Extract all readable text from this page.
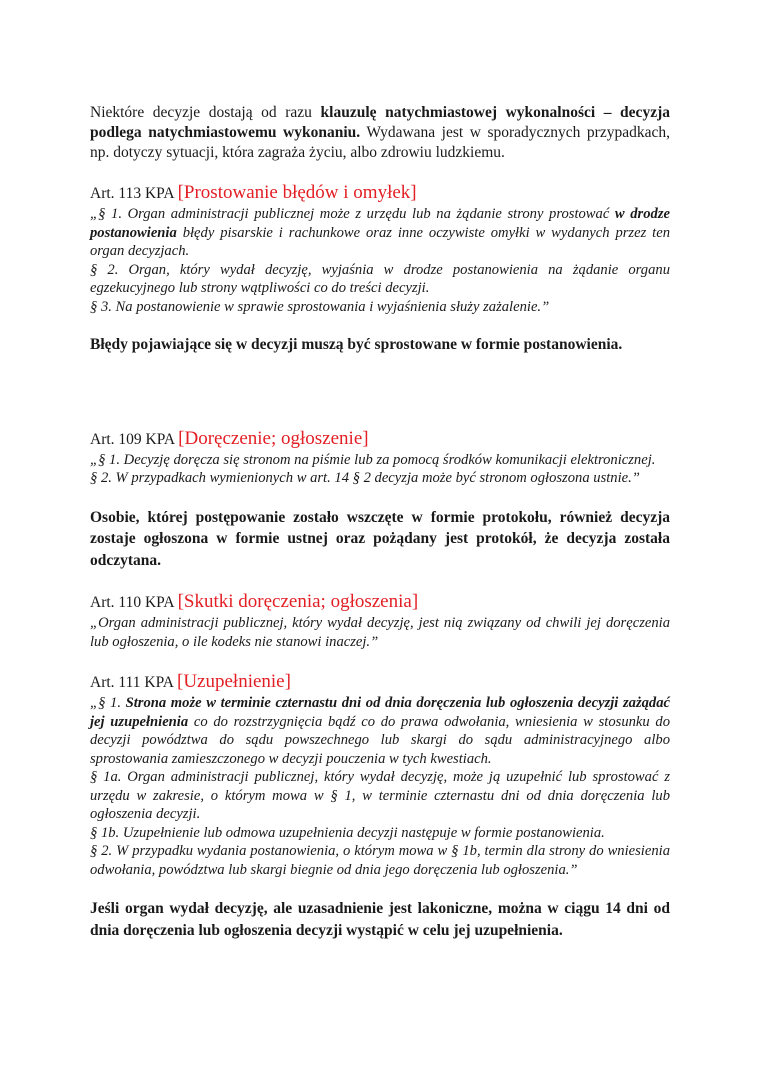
Niektóre decyzje dostają od razu klauzulę natychmiastowej wykonalności – decyzja podlega natychmiastowemu wykonaniu. Wydawana jest w sporadycznych przypadkach, np. dotyczy sytuacji, która zagraża życiu, albo zdrowiu ludzkiemu.

Art. 113 KPA [Prostowanie błędów i omyłek]

„§ 1. Organ administracji publicznej może z urzędu lub na żądanie strony prostować w drodze postanowienia błędy pisarskie i rachunkowe oraz inne oczywiste omyłki w wydanych przez ten organ decyzjach.

§ 2. Organ, który wydał decyzję, wyjaśnia w drodze postanowienia na żądanie organu egzekucyjnego lub strony wątpliwości co do treści decyzji.

§ 3. Na postanowienie w sprawie sprostowania i wyjaśnienia służy zażalenie.”

Błędy pojawiające się w decyzji muszą być sprostowane w formie postanowienia.

Art. 109 KPA [Doręczenie; ogłoszenie]

„§ 1. Decyzję doręcza się stronom na piśmie lub za pomocą środków komunikacji elektronicznej.

§ 2. W przypadkach wymienionych w art. 14 § 2 decyzja może być stronom ogłoszona ustnie.”

Osobie, której postępowanie zostało wszczęte w formie protokołu, również decyzja zostaje ogłoszona w formie ustnej oraz pożądany jest protokół, że decyzja została odczytana.

Art. 110 KPA [Skutki doręczenia; ogłoszenia]

„Organ administracji publicznej, który wydał decyzję, jest nią związany od chwili jej doręczenia lub ogłoszenia, o ile kodeks nie stanowi inaczej.”

Art. 111 KPA [Uzupełnienie]

„§ 1. Strona może w terminie czternastu dni od dnia doręczenia lub ogłoszenia decyzji zażądać jej uzupełnienia co do rozstrzygnięcia bądź co do prawa odwołania, wniesienia w stosunku do decyzji powództwa do sądu powszechnego lub skargi do sądu administracyjnego albo sprostowania zamieszczonego w decyzji pouczenia w tych kwestiach.

§ 1a. Organ administracji publicznej, który wydał decyzję, może ją uzupełnić lub sprostować z urzędu w zakresie, o którym mowa w § 1, w terminie czternastu dni od dnia doręczenia lub ogłoszenia decyzji.

§ 1b. Uzupełnienie lub odmowa uzupełnienia decyzji następuje w formie postanowienia.

§ 2. W przypadku wydania postanowienia, o którym mowa w § 1b, termin dla strony do wniesienia odwołania, powództwa lub skargi biegnie od dnia jego doręczenia lub ogłoszenia.”

Jeśli organ wydał decyzję, ale uzasadnienie jest lakoniczne, można w ciągu 14 dni od dnia doręczenia lub ogłoszenia decyzji wystąpić w celu jej uzupełnienia.
